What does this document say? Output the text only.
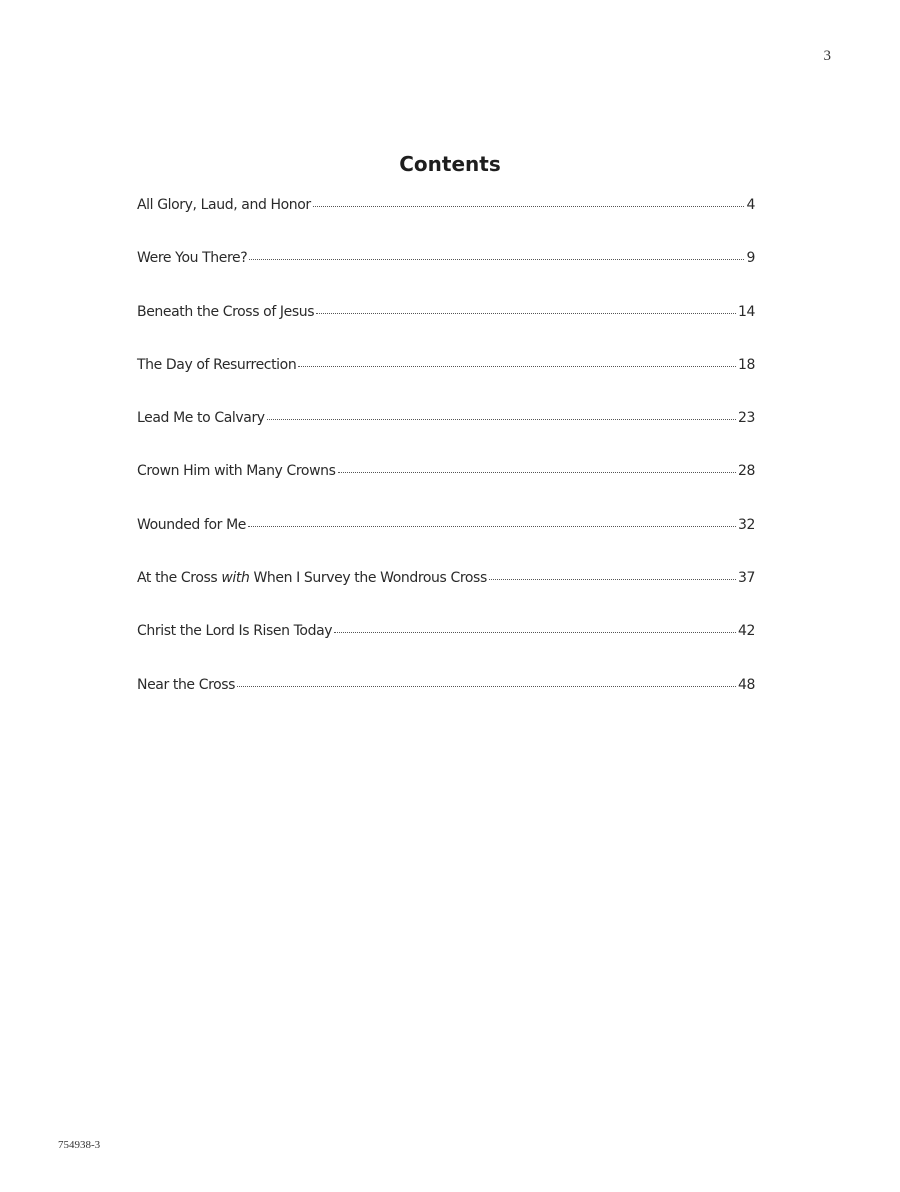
3
Contents
All Glory, Laud, and Honor	4
Were You There?	9
Beneath the Cross of Jesus	14
The Day of Resurrection	18
Lead Me to Calvary	23
Crown Him with Many Crowns	28
Wounded for Me	32
At the Cross with When I Survey the Wondrous Cross	37
Christ the Lord Is Risen Today	42
Near the Cross	48
754938-3
